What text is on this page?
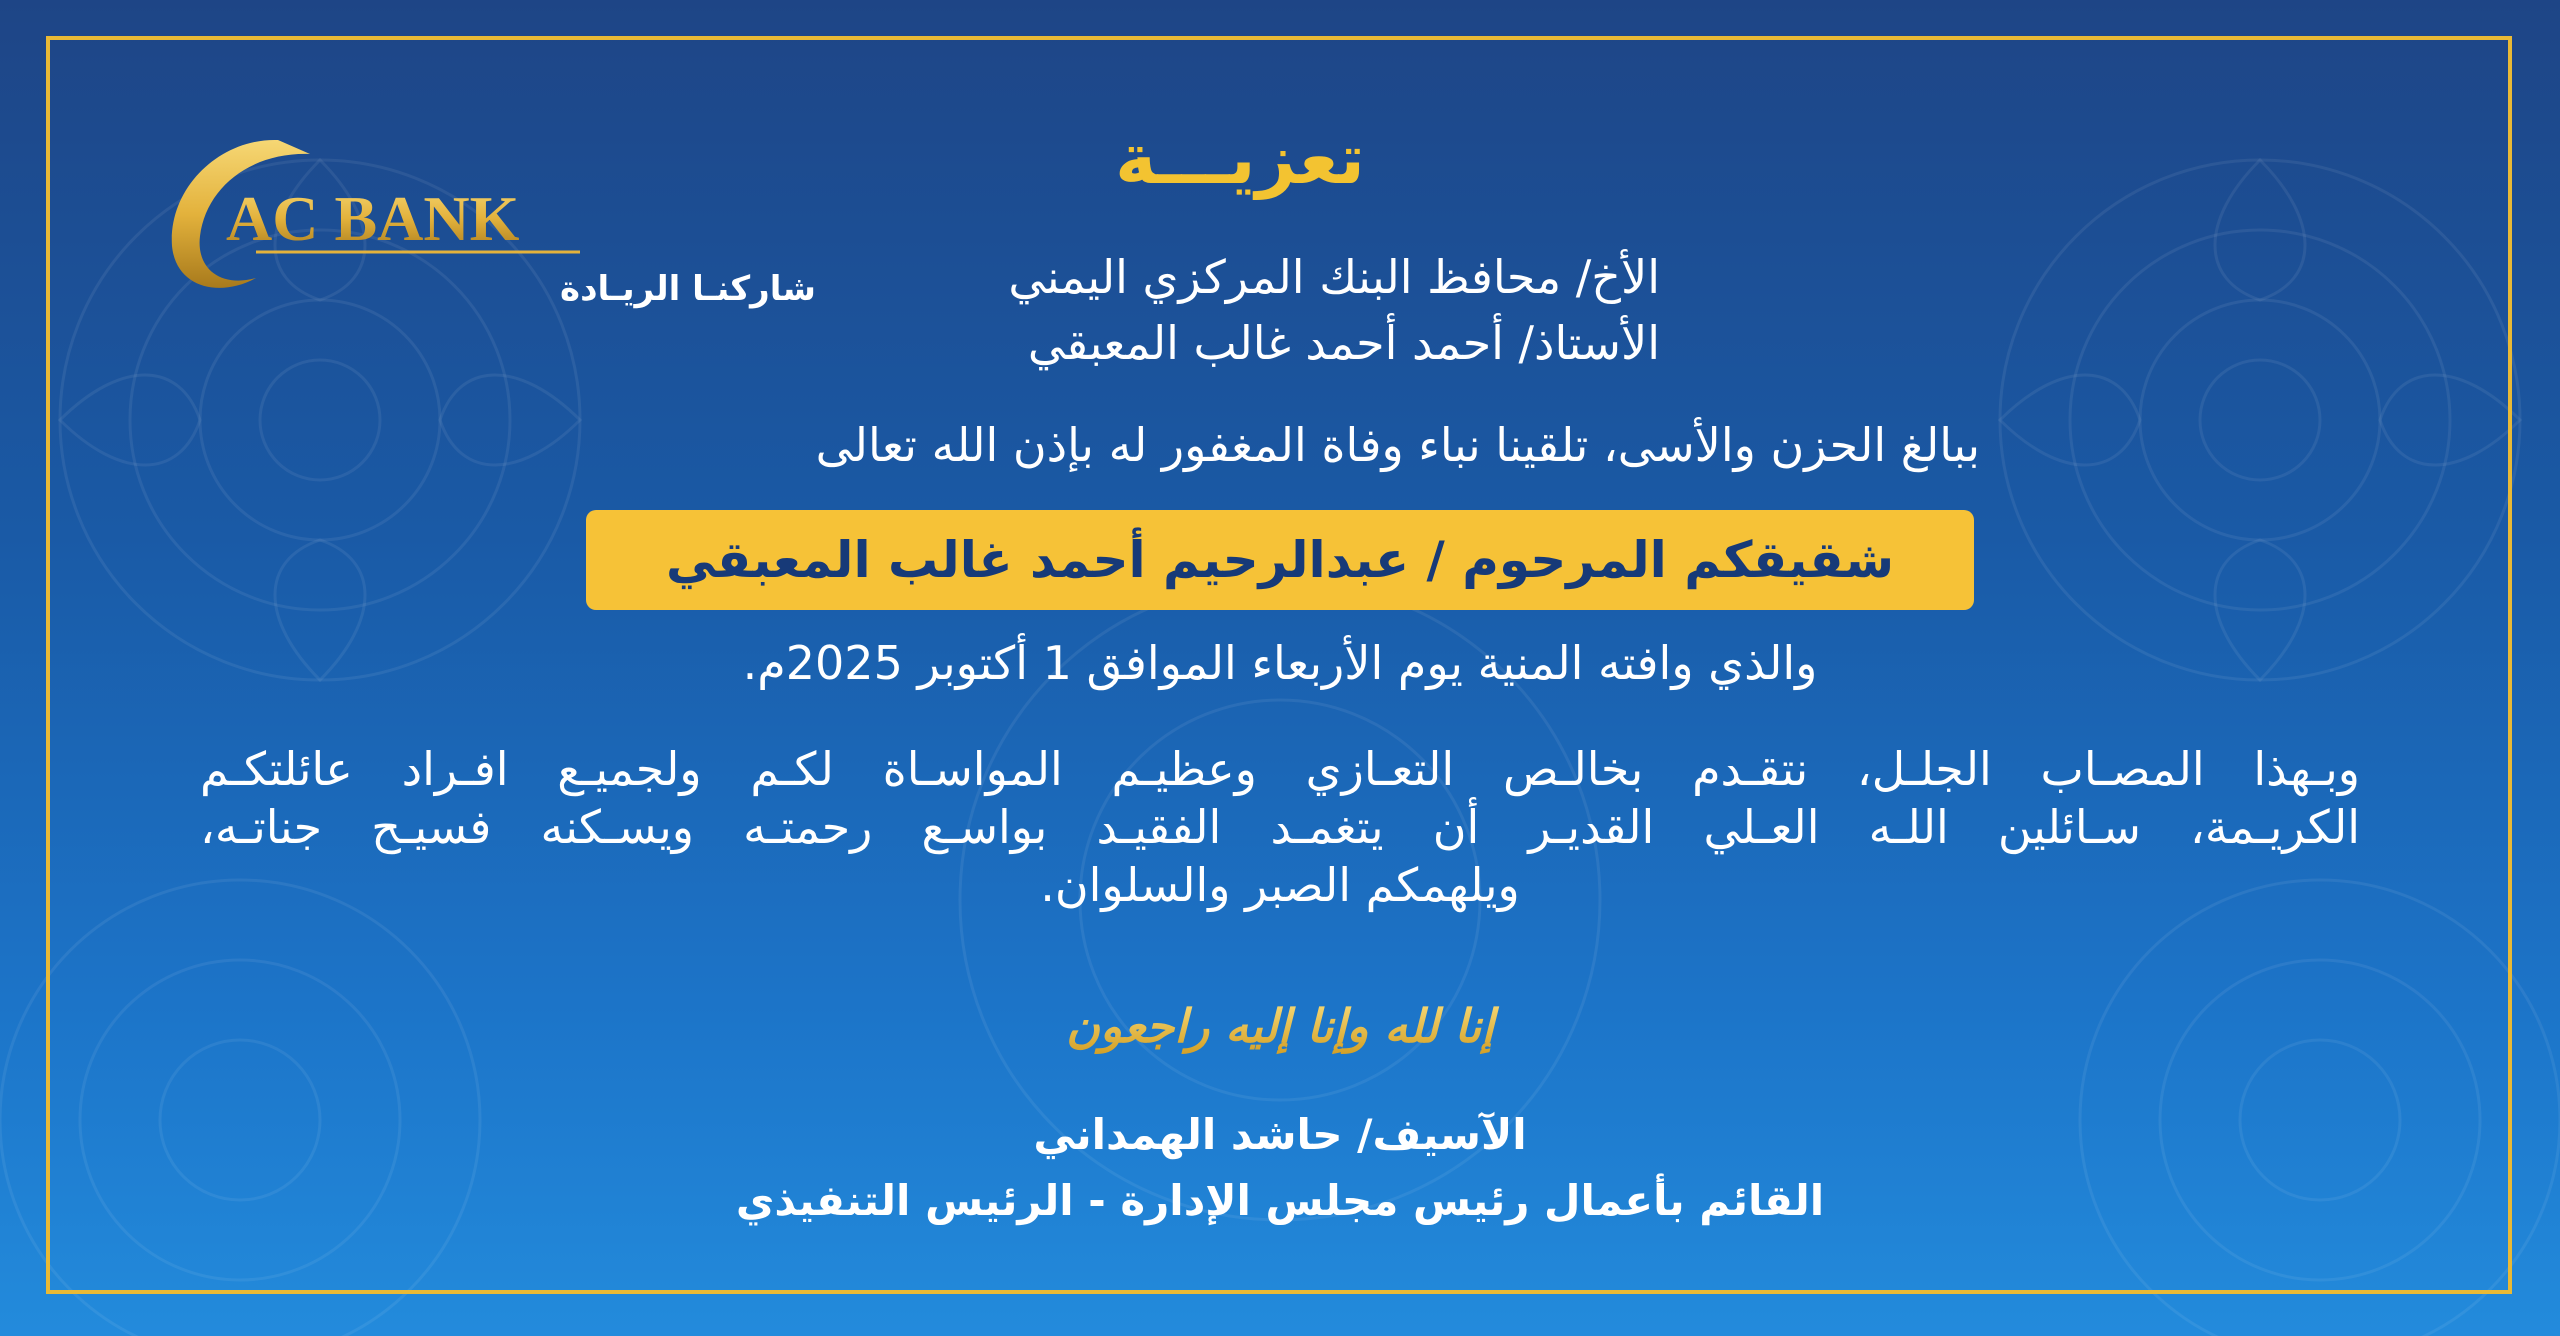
AC BANK
شاركنـا الريـادة
تعزيـــة
الأخ/ محافظ البنك المركزي اليمني
الأستاذ/ أحمد أحمد غالب المعبقي
ببالغ الحزن والأسى، تلقينا نباء وفاة المغفور له بإذن الله تعالى
شقيقكم المرحوم / عبدالرحيم أحمد غالب المعبقي
والذي وافته المنية يوم الأربعاء الموافق 1 أكتوبر 2025م.
وبـهذا المصـاب الجلـل، نتقـدم بخالـص التعـازي وعظيـم المواسـاة لكـم ولجميـع افـراد عائلتكـم
الكريـمة، سـائلين اللـه العـلي القديـر أن يتغمـد الفقيـد بواسـع رحمتـه ويسـكنه فسيـح جناتـه،
ويلهمكم الصبر والسلوان.
إنا لله وإنا إليه راجعون
الآسيف/ حاشد الهمداني
القائم بأعمال رئيس مجلس الإدارة - الرئيس التنفيذي
